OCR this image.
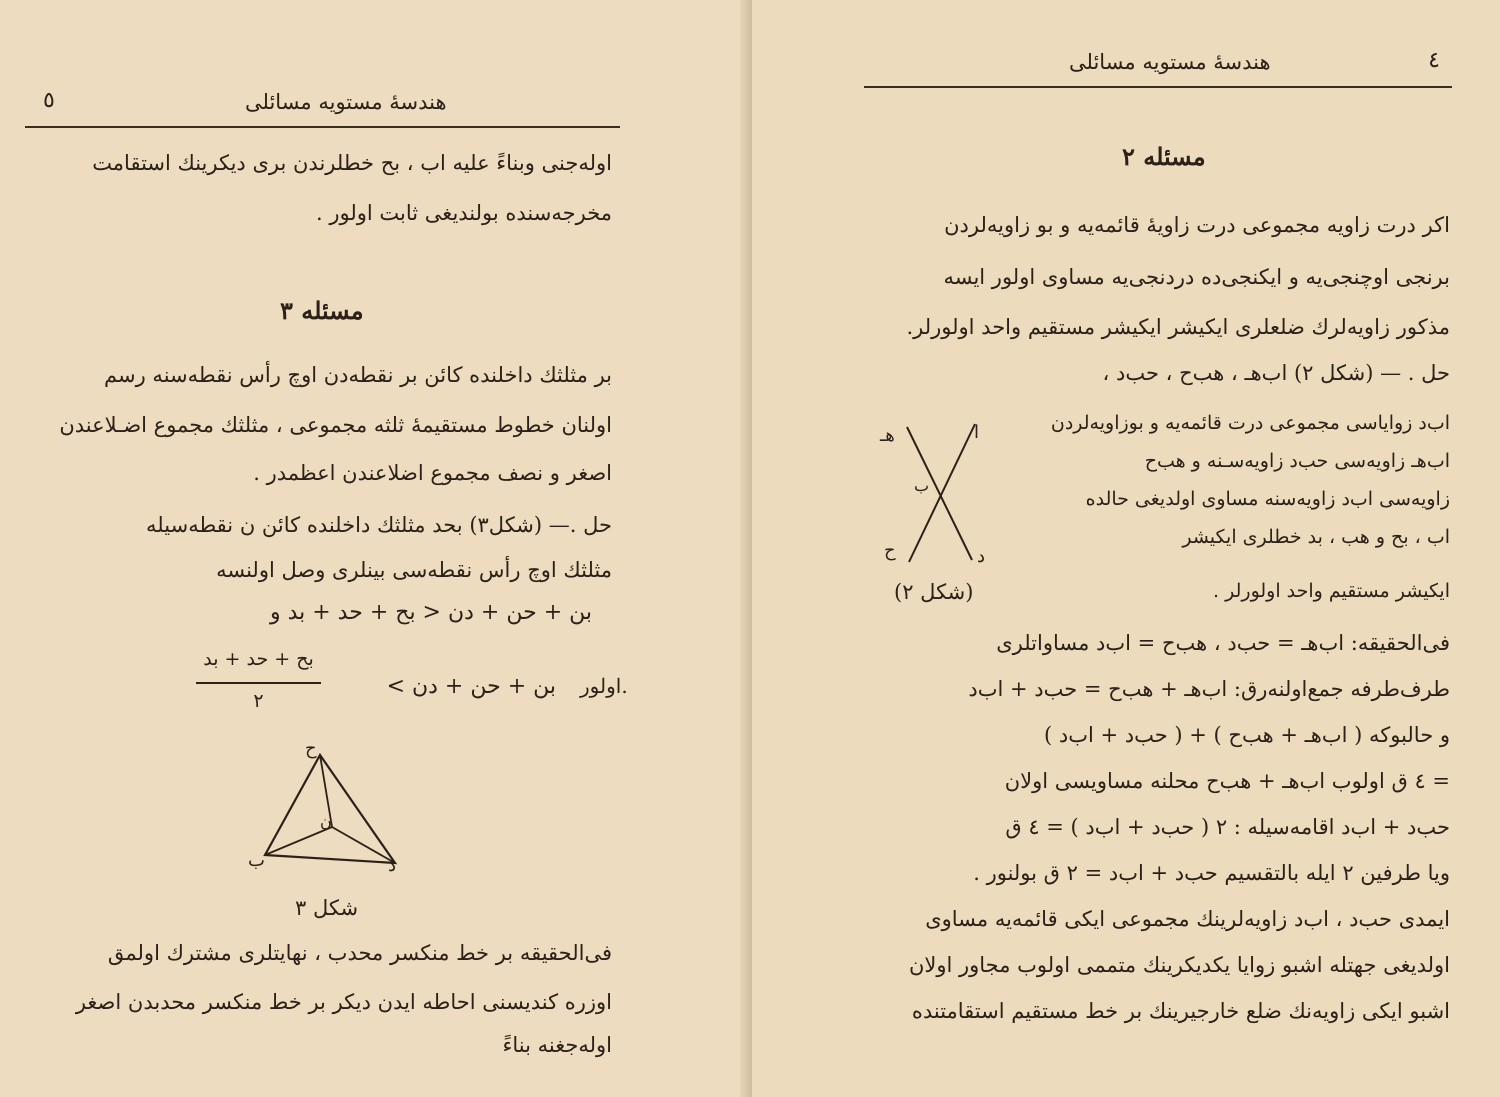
٥	هندسهٔ مستویه مسائلی
اوله‌جنی وبناءً علیه اب ، بح خطلرندن بری دیکرینك استقامت
مخرجه‌سنده بولندیغی ثابت اولور .
مسئله ۳
بر مثلثك داخلنده کائن بر نقطه‌دن اوچ رأس نقطه‌سنه رسم
اولنان خطوط مستقیمهٔ ثلثه مجموعی ، مثلثك مجموع اضـلاعندن
اصغر و نصف مجموع اضلاعندن اعظمدر .
حل .— (شکل۳) بحد مثلثك داخلنده کائن ن نقطه‌سیله
مثلثك اوچ رأس نقطه‌سی بینلری وصل اولنسه
بن + حن + دن < بح + حد + بد و
بن + حن + دن > اولور.
بح + حد + بد
٢
ح
ب	د
ن
شکل ۳
فی‌الحقیقه بر خط منکسر محدب ، نهایتلری مشترك اولمق
اوزره کندیسنی احاطه ایدن دیکر بر خط منکسر محدبدن اصغر
اوله‌جغنه بناءً
هندسهٔ مستویه مسائلی	٤
مسئله ٢
اکر درت زاویه مجموعی درت زاویهٔ قائمه‌یه و بو زاویه‌لردن
برنجی اوچنجی‌یه و ایکنجی‌ده دردنجی‌یه مساوی اولور ایسه
مذکور زاویه‌لرك ضلعلری ایکیشر ایکیشر مستقیم واحد اولورلر.
حل . — (شکل ٢) اب‌هـ ، هب‌ح ، حب‌د ،
اب‌د زوایاسی مجموعی درت قائمه‌یه و بوزاویه‌لردن
اب‌هـ زاویه‌سی حب‌د زاویه‌سـنه و هب‌ح
زاویه‌سی اب‌د زاویه‌سنه مساوی اولدیغی حالده
اب ، بح و هب ، بد خطلری ایکیشر
ایکیشر مستقیم واحد اولورلر .
ا
هـ
ب
ح	د
(شکل ٢)
فی‌الحقیقه: اب‌هـ = حب‌د ، هب‌ح = اب‌د مساواتلری
طرف‌طرفه جمع‌اولنه‌رق: اب‌هـ + هب‌ح = حب‌د + اب‌د
و حالبوکه ( اب‌هـ + هب‌ح ) + ( حب‌د + اب‌د )
= ٤ ق اولوب اب‌هـ + هب‌ح محلنه مساویسی اولان
حب‌د + اب‌د اقامه‌سیله : ٢ ( حب‌د + اب‌د ) = ٤ ق
ویا طرفین ٢ ایله بالتقسیم حب‌د + اب‌د = ٢ ق بولنور .
ایمدی حب‌د ، اب‌د زاویه‌لرینك مجموعی ایکی قائمه‌یه مساوی
اولدیغی جهتله اشبو زوایا یکدیکرینك متممی اولوب مجاور اولان
اشبو ایکی زاویه‌نك ضلع خارجیرینك بر خط مستقیم استقامتنده
